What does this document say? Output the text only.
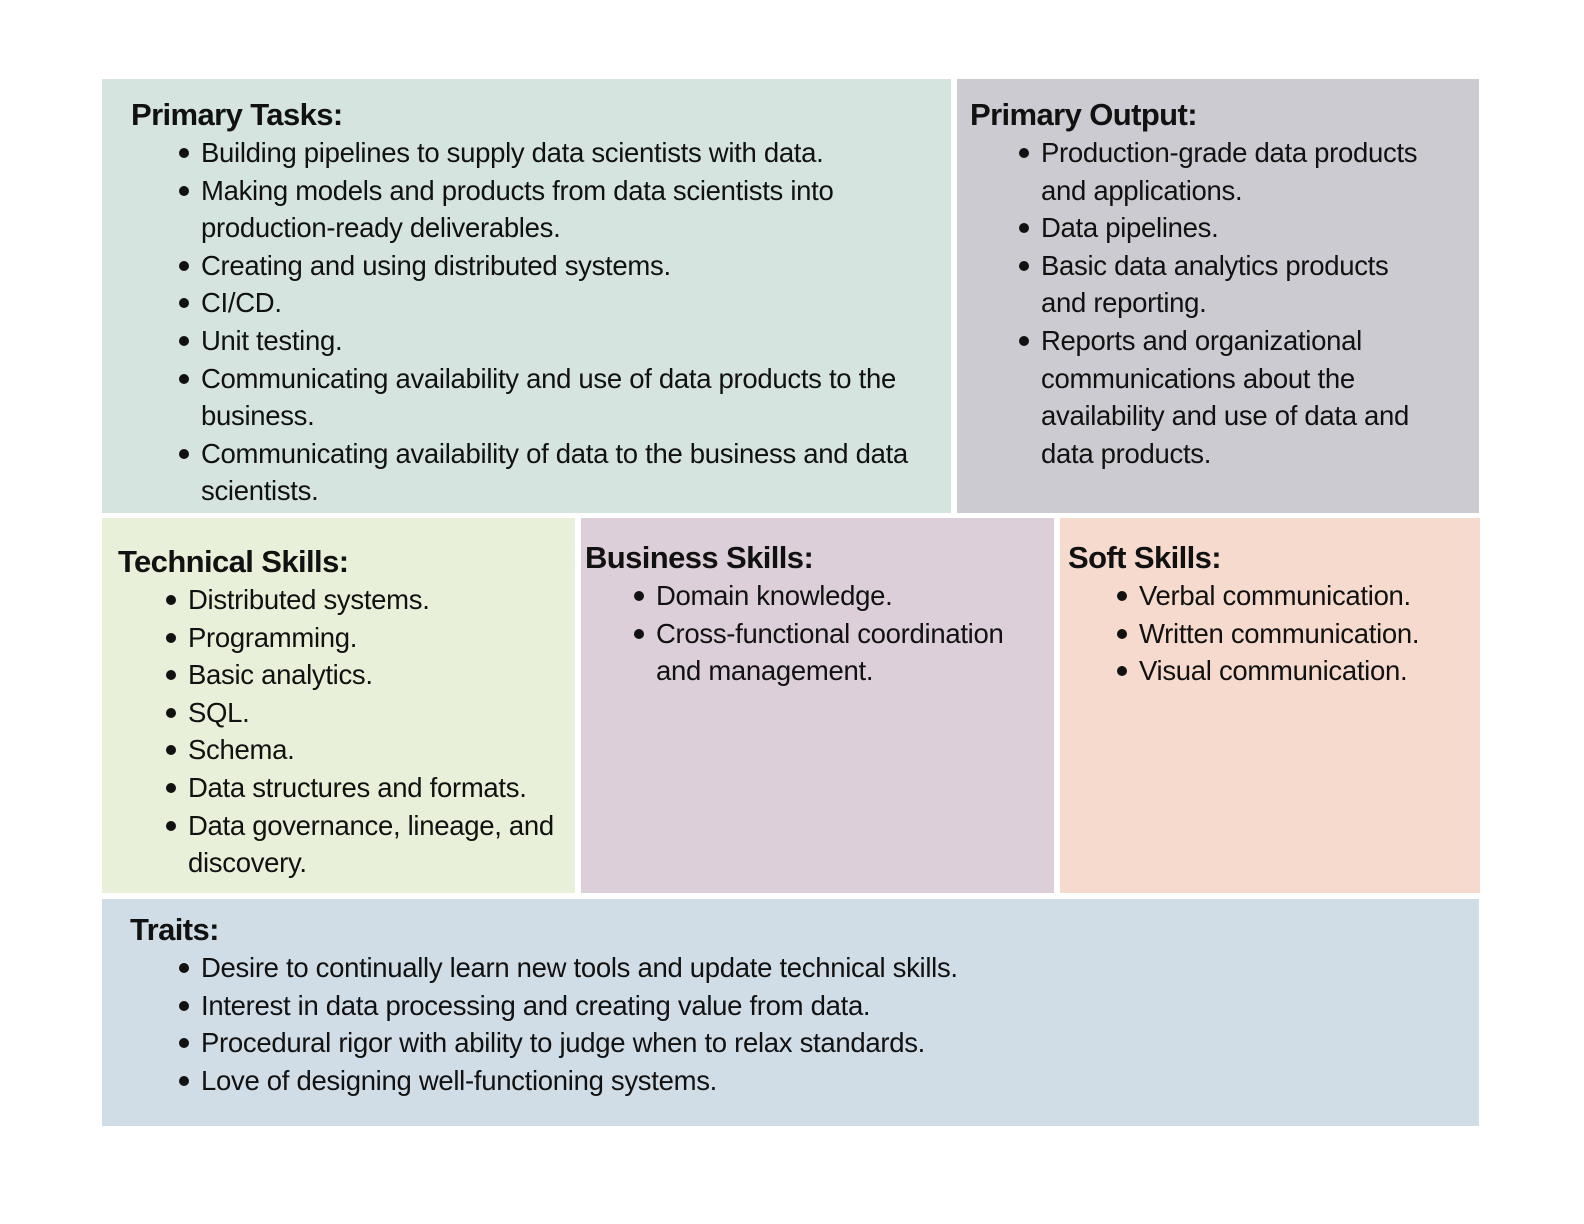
Primary Tasks:
Building pipelines to supply data scientists with data.
Making models and products from data scientists into production-ready deliverables.
Creating and using distributed systems.
CI/CD.
Unit testing.
Communicating availability and use of data products to the business.
Communicating availability of data to the business and data scientists.
Primary Output:
Production-grade data products and applications.
Data pipelines.
Basic data analytics products and reporting.
Reports and organizational communications about the availability and use of data and data products.
Technical Skills:
Distributed systems.
Programming.
Basic analytics.
SQL.
Schema.
Data structures and formats.
Data governance, lineage, and discovery.
Business Skills:
Domain knowledge.
Cross-functional coordination and management.
Soft Skills:
Verbal communication.
Written communication.
Visual communication.
Traits:
Desire to continually learn new tools and update technical skills.
Interest in data processing and creating value from data.
Procedural rigor with ability to judge when to relax standards.
Love of designing well-functioning systems.
